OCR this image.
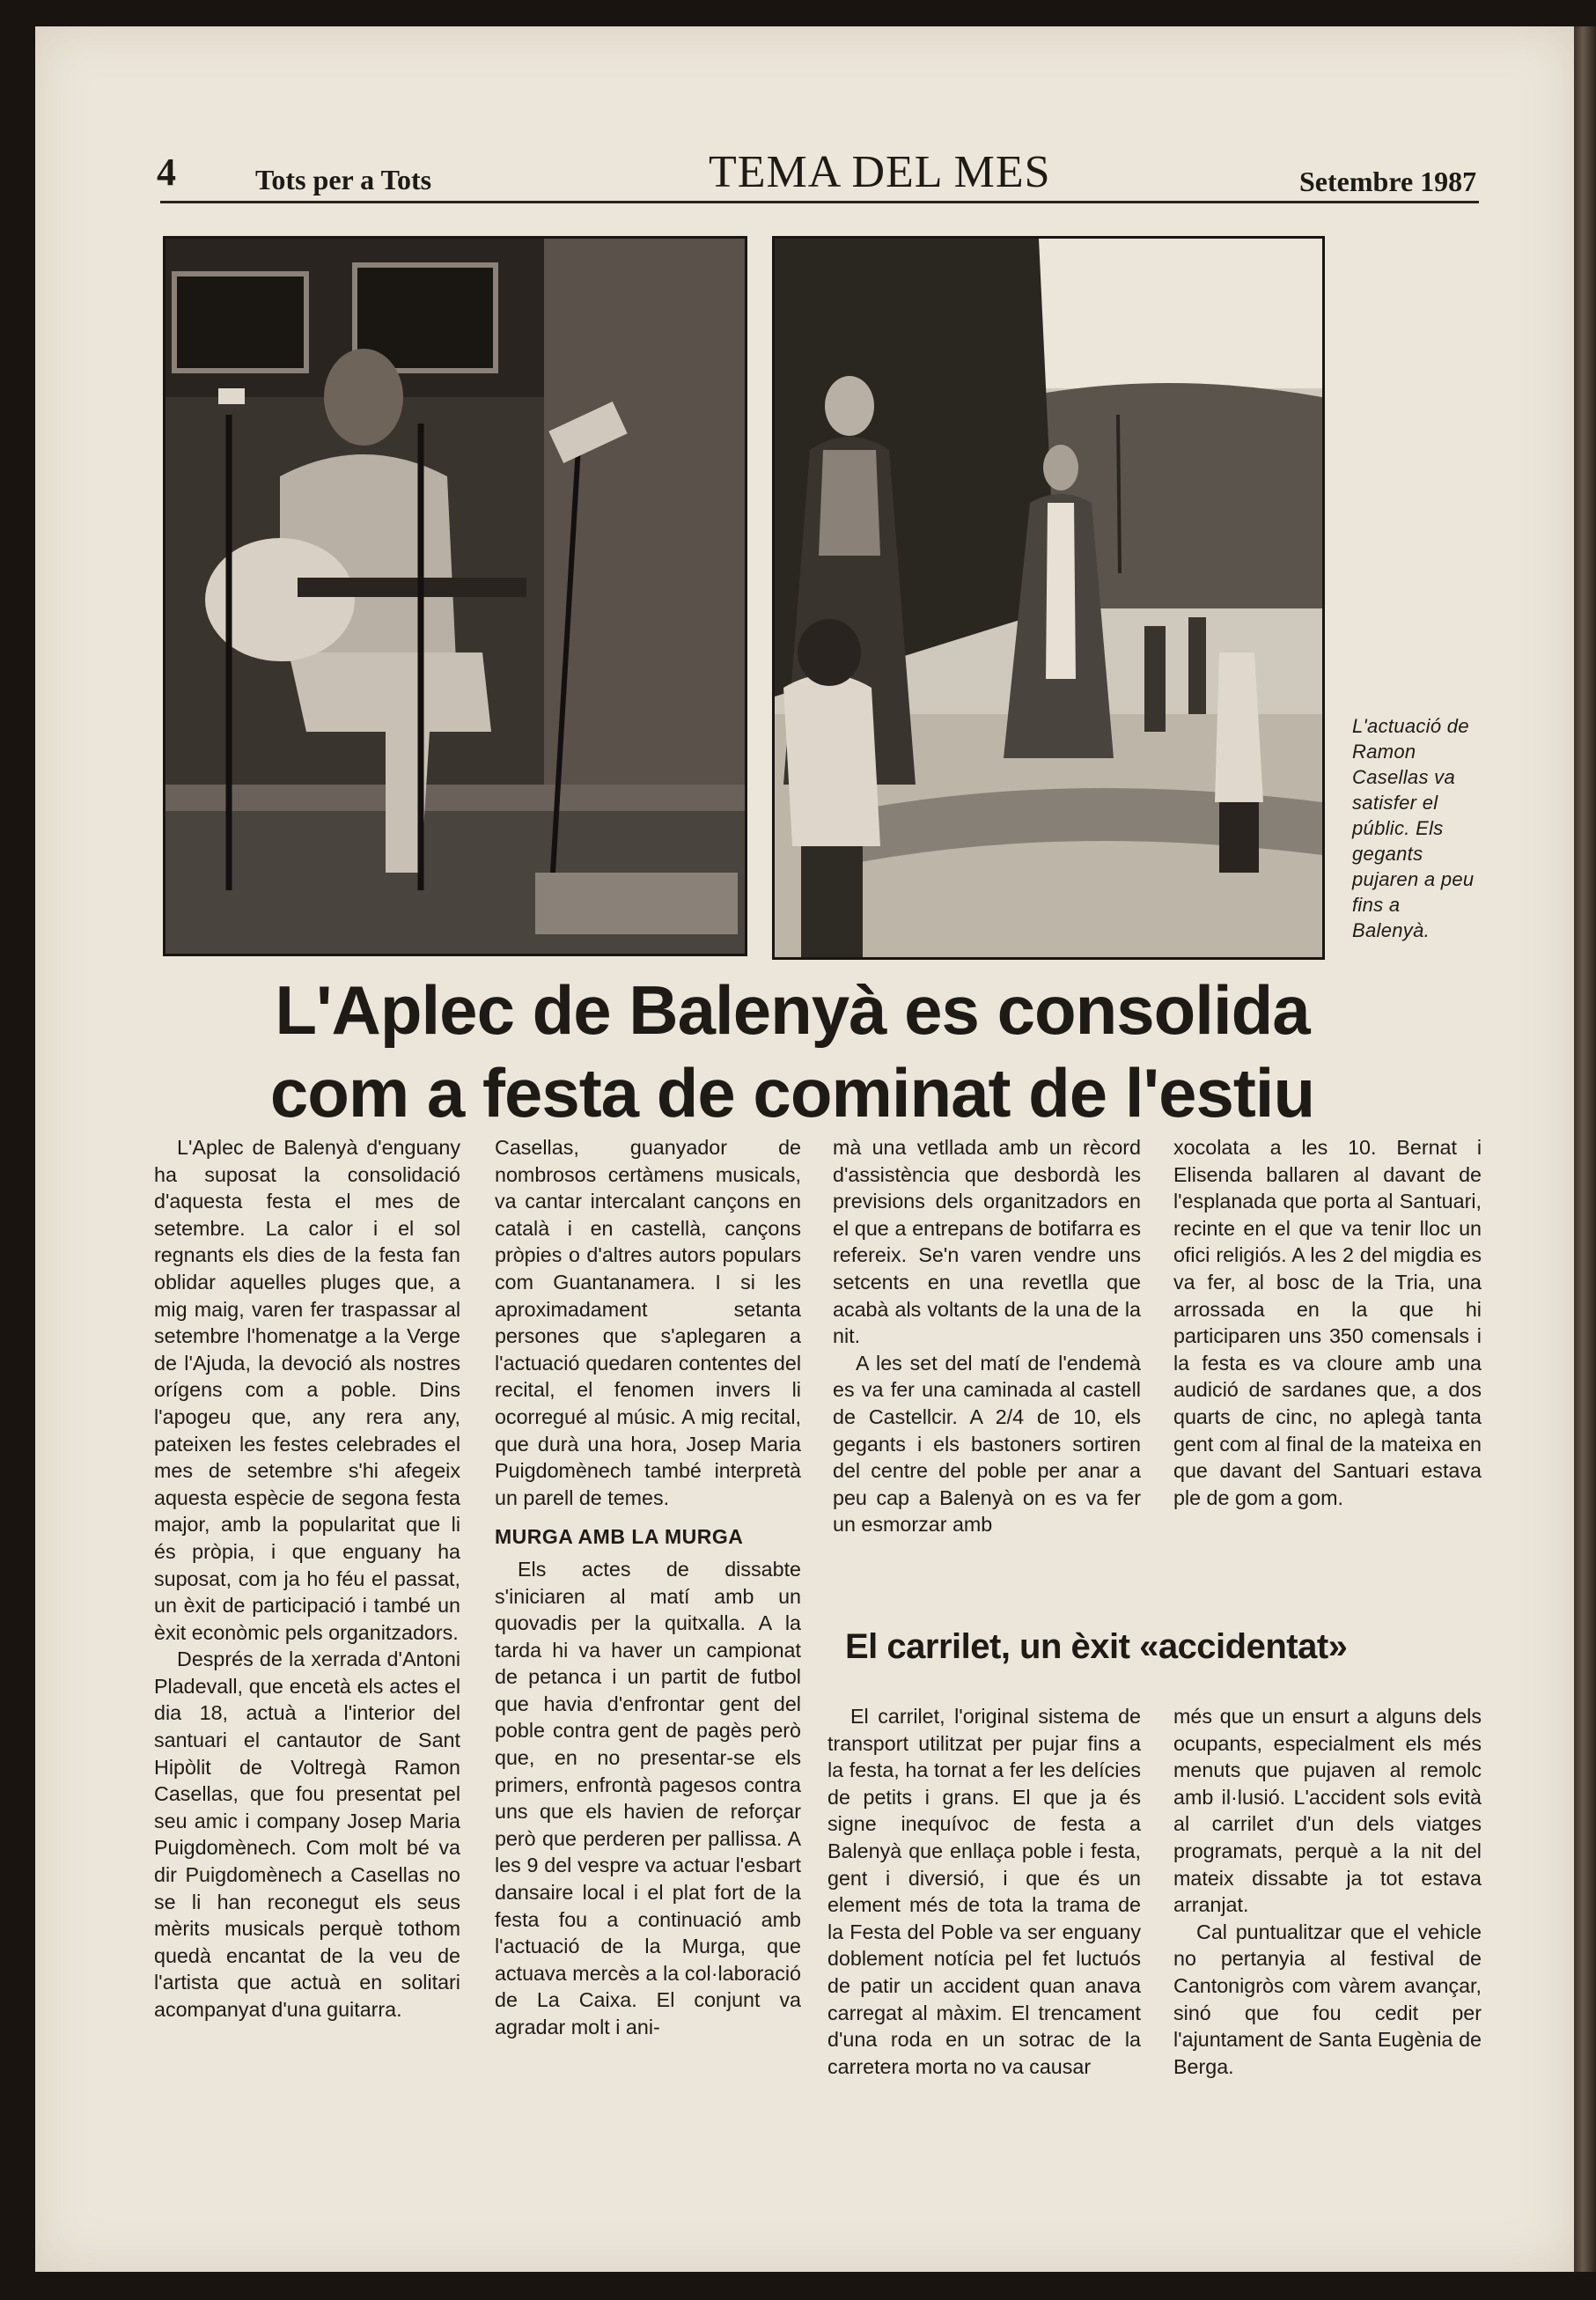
4	Tots per a Tots	TEMA DEL MES	Setembre 1987
L'actuació de Ramon Casellas va satisfer el públic. Els gegants pujaren a peu fins a Balenyà.
L'Aplec de Balenyà es consolida
com a festa de cominat de l'estiu

L'Aplec de Balenyà d'enguany ha suposat la consolidació d'aquesta festa el mes de setembre. La calor i el sol regnants els dies de la festa fan oblidar aquelles pluges que, a mig maig, varen fer traspassar al setembre l'homenatge a la Verge de l'Ajuda, la devoció als nostres orígens com a poble. Dins l'apogeu que, any rera any, pateixen les festes celebrades el mes de setembre s'hi afegeix aquesta espècie de segona festa major, amb la popularitat que li és pròpia, i que enguany ha suposat, com ja ho féu el passat, un èxit de participació i també un èxit econòmic pels organitzadors.

Després de la xerrada d'Antoni Pladevall, que encetà els actes el dia 18, actuà a l'interior del santuari el cantautor de Sant Hipòlit de Voltregà Ramon Casellas, que fou presentat pel seu amic i company Josep Maria Puigdomènech. Com molt bé va dir Puigdomènech a Casellas no se li han reconegut els seus mèrits musicals perquè tothom quedà encantat de la veu de l'artista que actuà en solitari acompanyat d'una guitarra.

Casellas, guanyador de nombrosos certàmens musicals, va cantar intercalant cançons en català i en castellà, cançons pròpies o d'altres autors populars com Guantanamera. I si les aproximadament setanta persones que s'aplegaren a l'actuació quedaren contentes del recital, el fenomen invers li ocorregué al músic. A mig recital, que durà una hora, Josep Maria Puigdomènech també interpretà un parell de temes.

MURGA AMB LA MURGA

Els actes de dissabte s'iniciaren al matí amb un quovadis per la quitxalla. A la tarda hi va haver un campionat de petanca i un partit de futbol que havia d'enfrontar gent del poble contra gent de pagès però que, en no presentar-se els primers, enfrontà pagesos contra uns que els havien de reforçar però que perderen per pallissa. A les 9 del vespre va actuar l'esbart dansaire local i el plat fort de la festa fou a continuació amb l'actuació de la Murga, que actuava mercès a la col·laboració de La Caixa. El conjunt va agradar molt i ani-

mà una vetllada amb un rècord d'assistència que desbordà les previsions dels organitzadors en el que a entrepans de botifarra es refereix. Se'n varen vendre uns setcents en una revetlla que acabà als voltants de la una de la nit.

A les set del matí de l'endemà es va fer una caminada al castell de Castellcir. A 2/4 de 10, els gegants i els bastoners sortiren del centre del poble per anar a peu cap a Balenyà on es va fer un esmorzar amb

xocolata a les 10. Bernat i Elisenda ballaren al davant de l'esplanada que porta al Santuari, recinte en el que va tenir lloc un ofici religiós. A les 2 del migdia es va fer, al bosc de la Tria, una arrossada en la que hi participaren uns 350 comensals i la festa es va cloure amb una audició de sardanes que, a dos quarts de cinc, no aplegà tanta gent com al final de la mateixa en que davant del Santuari estava ple de gom a gom.

El carrilet, un èxit «accidentat»

El carrilet, l'original sistema de transport utilitzat per pujar fins a la festa, ha tornat a fer les delícies de petits i grans. El que ja és signe inequívoc de festa a Balenyà que enllaça poble i festa, gent i diversió, i que és un element més de tota la trama de la Festa del Poble va ser enguany doblement notícia pel fet luctuós de patir un accident quan anava carregat al màxim. El trencament d'una roda en un sotrac de la carretera morta no va causar

més que un ensurt a alguns dels ocupants, especialment els més menuts que pujaven al remolc amb il·lusió. L'accident sols evità al carrilet d'un dels viatges programats, perquè a la nit del mateix dissabte ja tot estava arranjat.

Cal puntualitzar que el vehicle no pertanyia al festival de Cantonigròs com vàrem avançar, sinó que fou cedit per l'ajuntament de Santa Eugènia de Berga.
